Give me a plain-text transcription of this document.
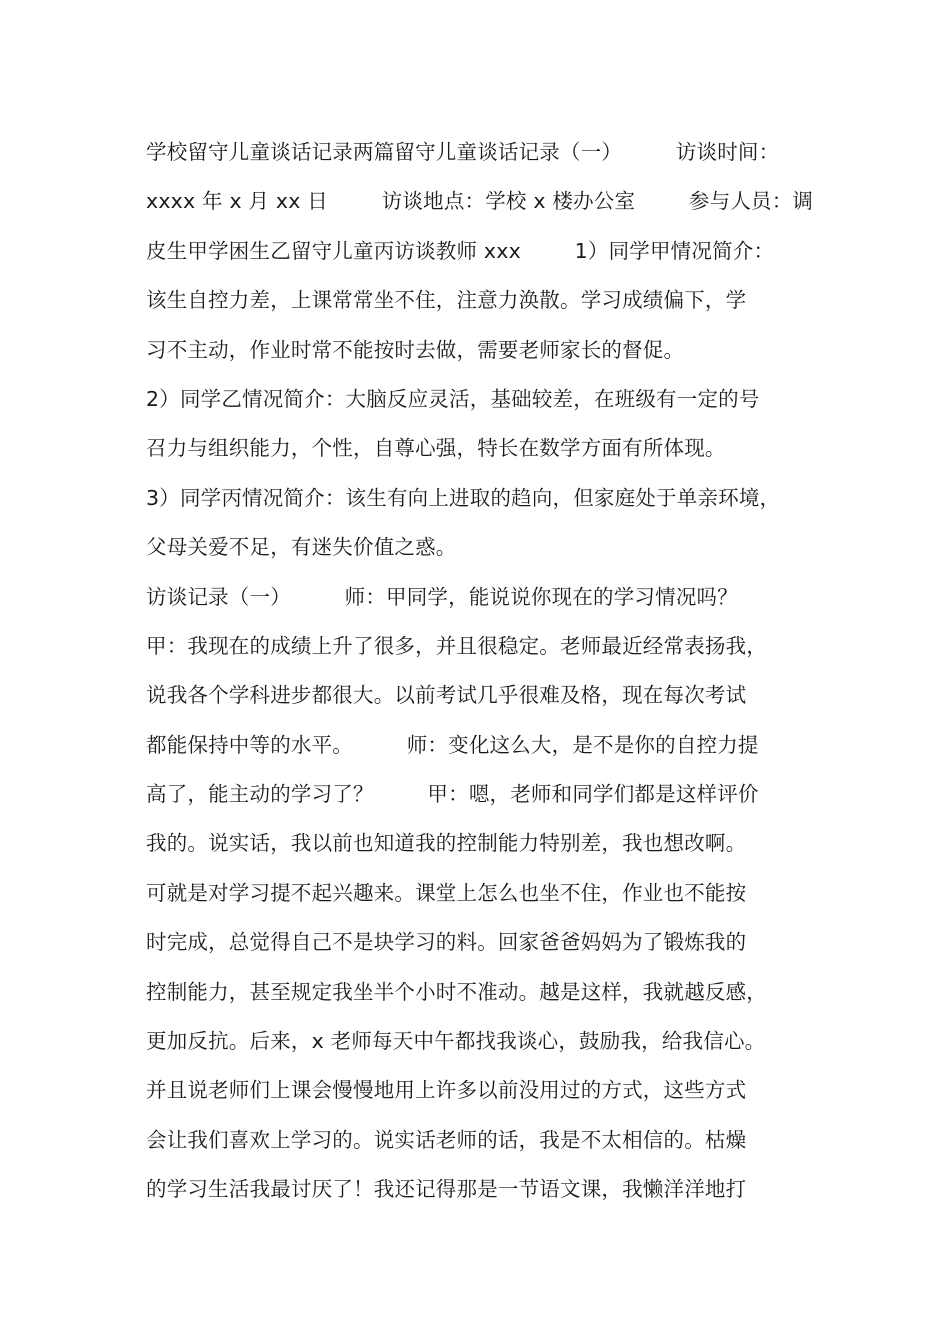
学校留守儿童谈话记录两篇留守儿童谈话记录（一）        访谈时间：
xxxx 年 x 月 xx 日        访谈地点：学校 x 楼办公室        参与人员：调
皮生甲学困生乙留守儿童丙访谈教师 xxx        1）同学甲情况简介：
该生自控力差，上课常常坐不住，注意力涣散。学习成绩偏下，学
习不主动，作业时常不能按时去做，需要老师家长的督促。
2）同学乙情况简介：大脑反应灵活，基础较差，在班级有一定的号
召力与组织能力，个性，自尊心强，特长在数学方面有所体现。
3）同学丙情况简介：该生有向上进取的趋向，但家庭处于单亲环境，
父母关爱不足，有迷失价值之惑。
访谈记录（一）        师：甲同学，能说说你现在的学习情况吗？
甲：我现在的成绩上升了很多，并且很稳定。老师最近经常表扬我，
说我各个学科进步都很大。以前考试几乎很难及格，现在每次考试
都能保持中等的水平。        师：变化这么大，是不是你的自控力提
高了，能主动的学习了？        甲：嗯，老师和同学们都是这样评价
我的。说实话，我以前也知道我的控制能力特别差，我也想改啊。
可就是对学习提不起兴趣来。课堂上怎么也坐不住，作业也不能按
时完成，总觉得自己不是块学习的料。回家爸爸妈妈为了锻炼我的
控制能力，甚至规定我坐半个小时不准动。越是这样，我就越反感，
更加反抗。后来，x 老师每天中午都找我谈心，鼓励我，给我信心。
并且说老师们上课会慢慢地用上许多以前没用过的方式，这些方式
会让我们喜欢上学习的。说实话老师的话，我是不太相信的。枯燥
的学习生活我最讨厌了！我还记得那是一节语文课，我懒洋洋地打
